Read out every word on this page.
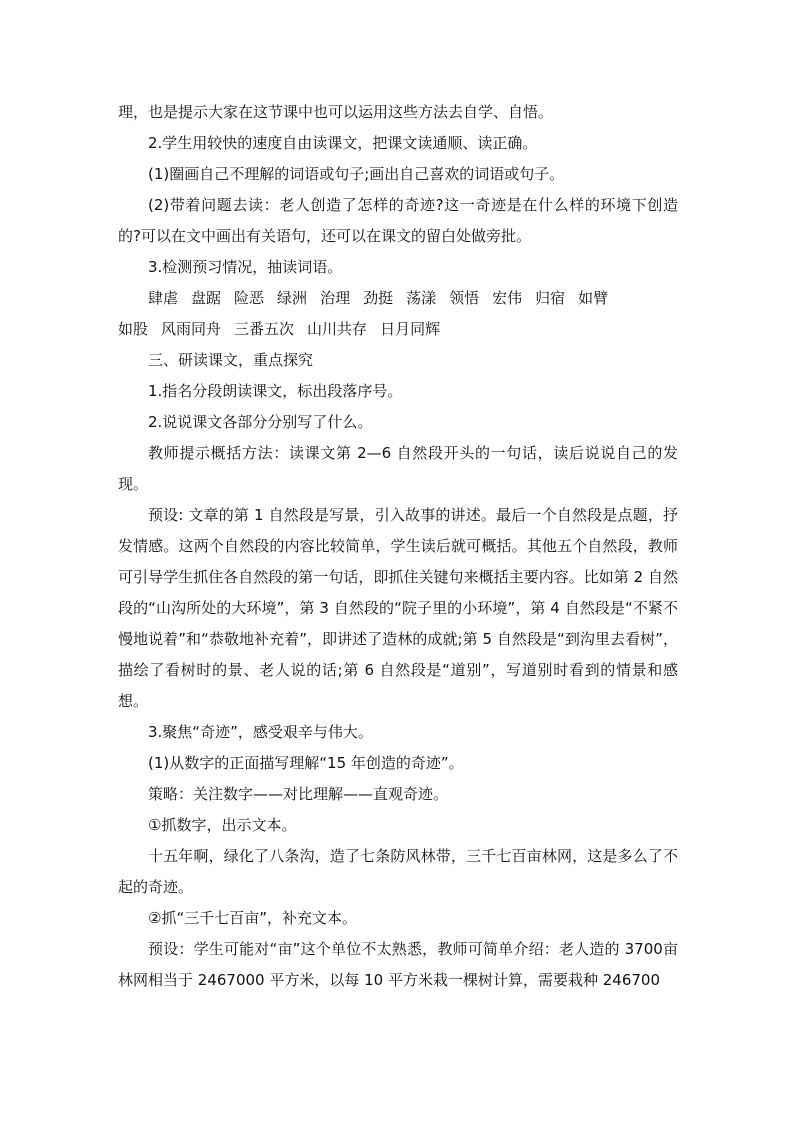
理，也是提示大家在这节课中也可以运用这些方法去自学、自悟。

2.学生用较快的速度自由读课文，把课文读通顺、读正确。

(1)圈画自己不理解的词语或句子;画出自己喜欢的词语或句子。

(2)带着问题去读：老人创造了怎样的奇迹?这一奇迹是在什么样的环境下创造的?可以在文中画出有关语句，还可以在课文的留白处做旁批。

3.检测预习情况，抽读词语。

肆虐 盘踞 险恶 绿洲 治理 劲挺 荡漾 领悟 宏伟 归宿 如臂
如股 风雨同舟 三番五次 山川共存 日月同辉

三、研读课文，重点探究

1.指名分段朗读课文，标出段落序号。

2.说说课文各部分分别写了什么。

教师提示概括方法：读课文第 2—6 自然段开头的一句话，读后说说自己的发现。

预设: 文章的第 1 自然段是写景，引入故事的讲述。最后一个自然段是点题，抒发情感。这两个自然段的内容比较简单，学生读后就可概括。其他五个自然段，教师可引导学生抓住各自然段的第一句话，即抓住关键句来概括主要内容。比如第 2 自然段的“山沟所处的大环境”，第 3 自然段的“院子里的小环境”，第 4 自然段是“不紧不慢地说着”和“恭敬地补充着”，即讲述了造林的成就;第 5 自然段是“到沟里去看树”，描绘了看树时的景、老人说的话;第 6 自然段是“道别”，写道别时看到的情景和感想。

3.聚焦“奇迹”，感受艰辛与伟大。

(1)从数字的正面描写理解“15 年创造的奇迹”。

策略：关注数字——对比理解——直观奇迹。

①抓数字，出示文本。

十五年啊，绿化了八条沟，造了七条防风林带，三千七百亩林网，这是多么了不起的奇迹。

②抓“三千七百亩”，补充文本。

预设：学生可能对“亩”这个单位不太熟悉，教师可简单介绍：老人造的 3700亩林网相当于 2467000 平方米，以每 10 平方米栽一棵树计算，需要栽种 246700
